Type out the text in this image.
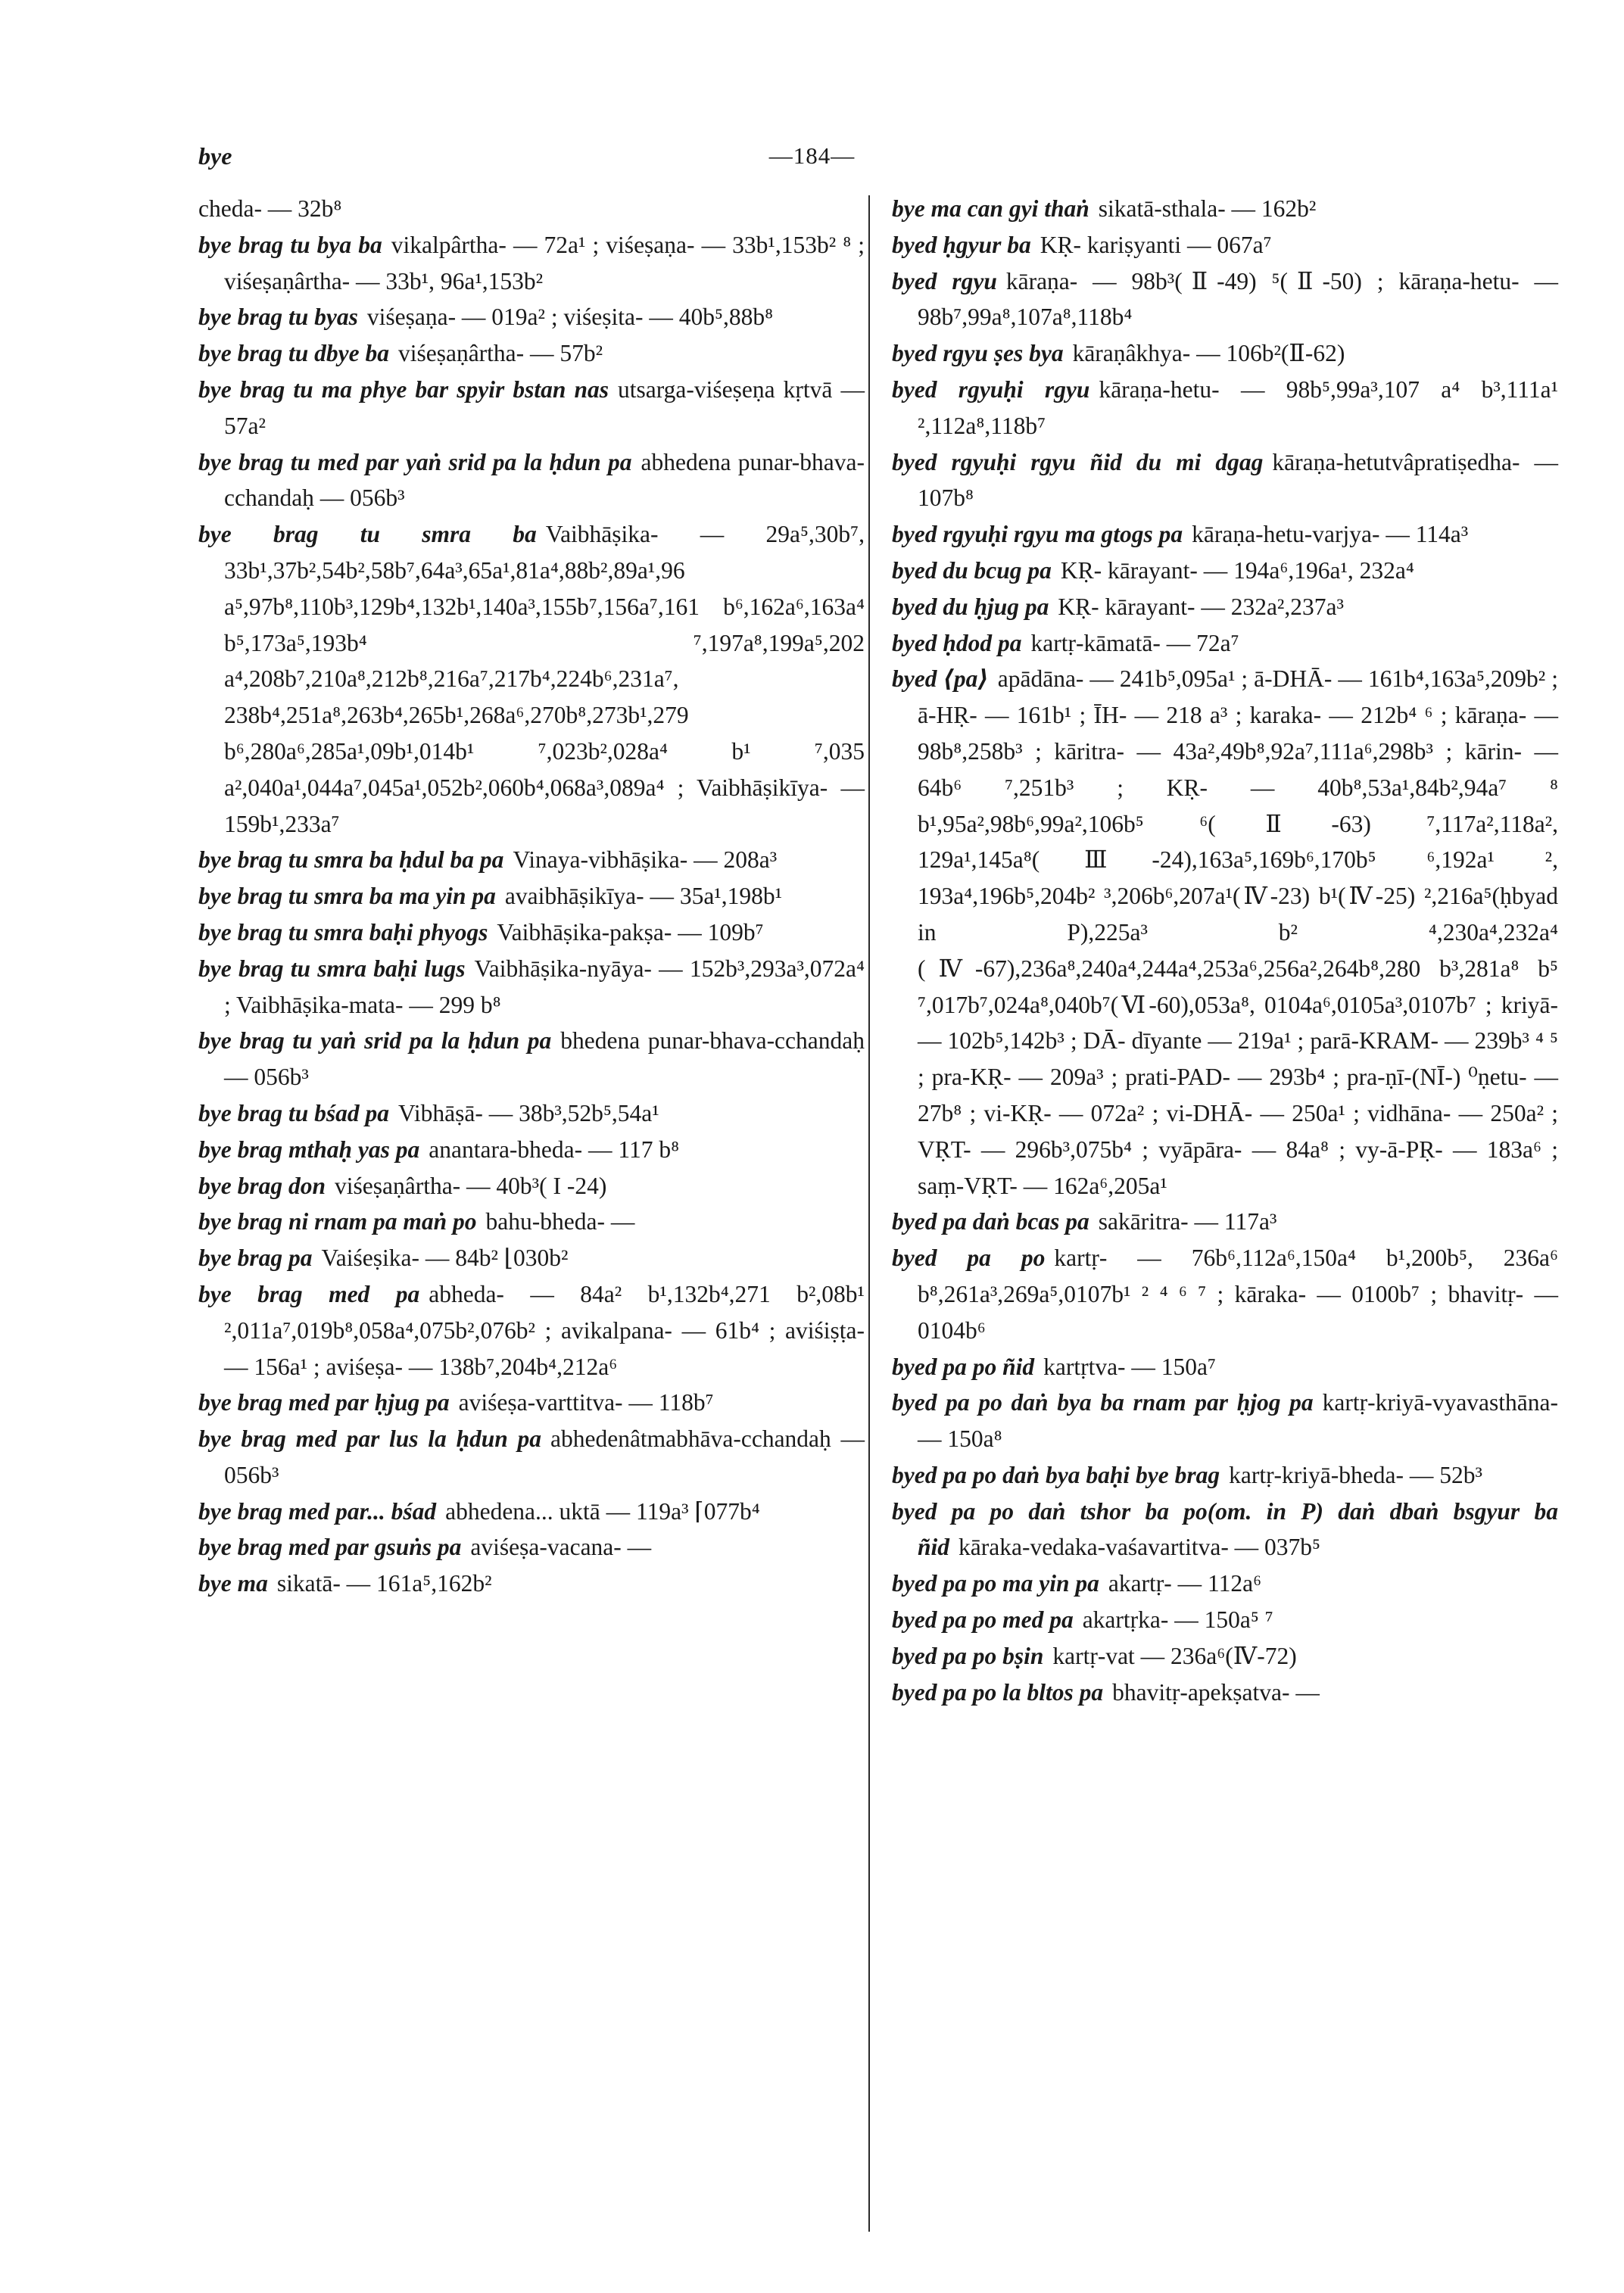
bye	—184—

cheda- — 32b⁸

bye brag tu bya ba vikalpârtha- — 72a¹ ; viśeṣaṇa- — 33b¹,153b² ⁸ ; viśeṣaṇârtha- — 33b¹, 96a¹,153b²

bye brag tu byas viśeṣaṇa- — 019a² ; viśeṣita- — 40b⁵,88b⁸

bye brag tu dbye ba viśeṣaṇârtha- — 57b²

bye brag tu ma phye bar spyir bstan nas utsarga-viśeṣeṇa kṛtvā — 57a²

bye brag tu med par yaṅ srid pa la ḥdun pa abhedena punar-bhava-cchandaḥ — 056b³

bye brag tu smra ba Vaibhāṣika- — 29a⁵,30b⁷, 33b¹,37b²,54b²,58b⁷,64a³,65a¹,81a⁴,88b²,89a¹,96 a⁵,97b⁸,110b³,129b⁴,132b¹,140a³,155b⁷,156a⁷,161 b⁶,162a⁶,163a⁴ b⁵,173a⁵,193b⁴ ⁷,197a⁸,199a⁵,202 a⁴,208b⁷,210a⁸,212b⁸,216a⁷,217b⁴,224b⁶,231a⁷, 238b⁴,251a⁸,263b⁴,265b¹,268a⁶,270b⁸,273b¹,279 b⁶,280a⁶,285a¹,09b¹,014b¹ ⁷,023b²,028a⁴ b¹ ⁷,035 a²,040a¹,044a⁷,045a¹,052b²,060b⁴,068a³,089a⁴ ; Vaibhāṣikīya- — 159b¹,233a⁷

bye brag tu smra ba ḥdul ba pa Vinaya-vibhāṣika- — 208a³

bye brag tu smra ba ma yin pa avaibhāṣikīya- — 35a¹,198b¹

bye brag tu smra baḥi phyogs Vaibhāṣika-pakṣa- — 109b⁷

bye brag tu smra baḥi lugs Vaibhāṣika-nyāya- — 152b³,293a³,072a⁴ ; Vaibhāṣika-mata- — 299 b⁸

bye brag tu yaṅ srid pa la ḥdun pa bhedena punar-bhava-cchandaḥ — 056b³

bye brag tu bśad pa Vibhāṣā- — 38b³,52b⁵,54a¹

bye brag mthaḥ yas pa anantara-bheda- — 117 b⁸

bye brag don viśeṣaṇârtha- — 40b³( I -24)

bye brag ni rnam pa maṅ po bahu-bheda- —

bye brag pa Vaiśeṣika- — 84b² ⌊030b²

bye brag med pa abheda- — 84a² b¹,132b⁴,271 b²,08b¹ ²,011a⁷,019b⁸,058a⁴,075b²,076b² ; avikalpana- — 61b⁴ ; aviśiṣṭa- — 156a¹ ; aviśeṣa- — 138b⁷,204b⁴,212a⁶

bye brag med par ḥjug pa aviśeṣa-varttitva- — 118b⁷

bye brag med par lus la ḥdun pa abhedenâtmabhāva-cchandaḥ — 056b³

bye brag med par... bśad abhedena... uktā — 119a³ ⌈077b⁴

bye brag med par gsuṅs pa aviśeṣa-vacana- —

bye ma sikatā- — 161a⁵,162b²

bye ma can gyi thaṅ sikatā-sthala- — 162b²

byed ḥgyur ba KṚ- kariṣyanti — 067a⁷

byed rgyu kāraṇa- — 98b³(Ⅱ-49) ⁵(Ⅱ-50) ; kāraṇa-hetu- — 98b⁷,99a⁸,107a⁸,118b⁴

byed rgyu ṣes bya kāraṇâkhya- — 106b²(Ⅱ-62)

byed rgyuḥi rgyu kāraṇa-hetu- — 98b⁵,99a³,107 a⁴ b³,111a¹ ²,112a⁸,118b⁷

byed rgyuḥi rgyu ñid du mi dgag kāraṇa-hetutvâpratiṣedha- — 107b⁸

byed rgyuḥi rgyu ma gtogs pa kāraṇa-hetu-varjya- — 114a³

byed du bcug pa KṚ- kārayant- — 194a⁶,196a¹, 232a⁴

byed du ḥjug pa KṚ- kārayant- — 232a²,237a³

byed ḥdod pa kartṛ-kāmatā- — 72a⁷

byed ⟨pa⟩ apādāna- — 241b⁵,095a¹ ; ā-DHĀ- — 161b⁴,163a⁵,209b² ; ā-HṚ- — 161b¹ ; ĪH- — 218 a³ ; karaka- — 212b⁴ ⁶ ; kāraṇa- — 98b⁸,258b³ ; kāritra- — 43a²,49b⁸,92a⁷,111a⁶,298b³ ; kārin- — 64b⁶ ⁷,251b³ ; KṚ- — 40b⁸,53a¹,84b²,94a⁷ ⁸ b¹,95a²,98b⁶,99a²,106b⁵ ⁶(Ⅱ-63) ⁷,117a²,118a², 129a¹,145a⁸(Ⅲ-24),163a⁵,169b⁶,170b⁵ ⁶,192a¹ ², 193a⁴,196b⁵,204b² ³,206b⁶,207a¹(Ⅳ-23) b¹(Ⅳ-25) ²,216a⁵(ḥbyad in P),225a³ b² ⁴,230a⁴,232a⁴ (Ⅳ-67),236a⁸,240a⁴,244a⁴,253a⁶,256a²,264b⁸,280 b³,281a⁸ b⁵ ⁷,017b⁷,024a⁸,040b⁷(Ⅵ-60),053a⁸, 0104a⁶,0105a³,0107b⁷ ; kriyā- — 102b⁵,142b³ ; DĀ- dīyante — 219a¹ ; parā-KRAM- — 239b³ ⁴ ⁵ ; pra-KṚ- — 209a³ ; prati-PAD- — 293b⁴ ; pra-ṇī-(NĪ-) ⁰ṇetu- — 27b⁸ ; vi-KṚ- — 072a² ; vi-DHĀ- — 250a¹ ; vidhāna- — 250a² ; VṚT- — 296b³,075b⁴ ; vyāpāra- — 84a⁸ ; vy-ā-PṚ- — 183a⁶ ; saṃ-VṚT- — 162a⁶,205a¹

byed pa daṅ bcas pa sakāritra- — 117a³

byed pa po kartṛ- — 76b⁶,112a⁶,150a⁴ b¹,200b⁵, 236a⁶ b⁸,261a³,269a⁵,0107b¹ ² ⁴ ⁶ ⁷ ; kāraka- — 0100b⁷ ; bhavitṛ- — 0104b⁶

byed pa po ñid kartṛtva- — 150a⁷

byed pa po daṅ bya ba rnam par ḥjog pa kartṛ-kriyā-vyavasthāna- — 150a⁸

byed pa po daṅ bya baḥi bye brag kartṛ-kriyā-bheda- — 52b³

byed pa po daṅ tshor ba po(om. in P) daṅ dbaṅ bsgyur ba ñid kāraka-vedaka-vaśavartitva- — 037b⁵

byed pa po ma yin pa akartṛ- — 112a⁶

byed pa po med pa akartṛka- — 150a⁵ ⁷

byed pa po bṣin kartṛ-vat — 236a⁶(Ⅳ-72)

byed pa po la bltos pa bhavitṛ-apekṣatva- —
